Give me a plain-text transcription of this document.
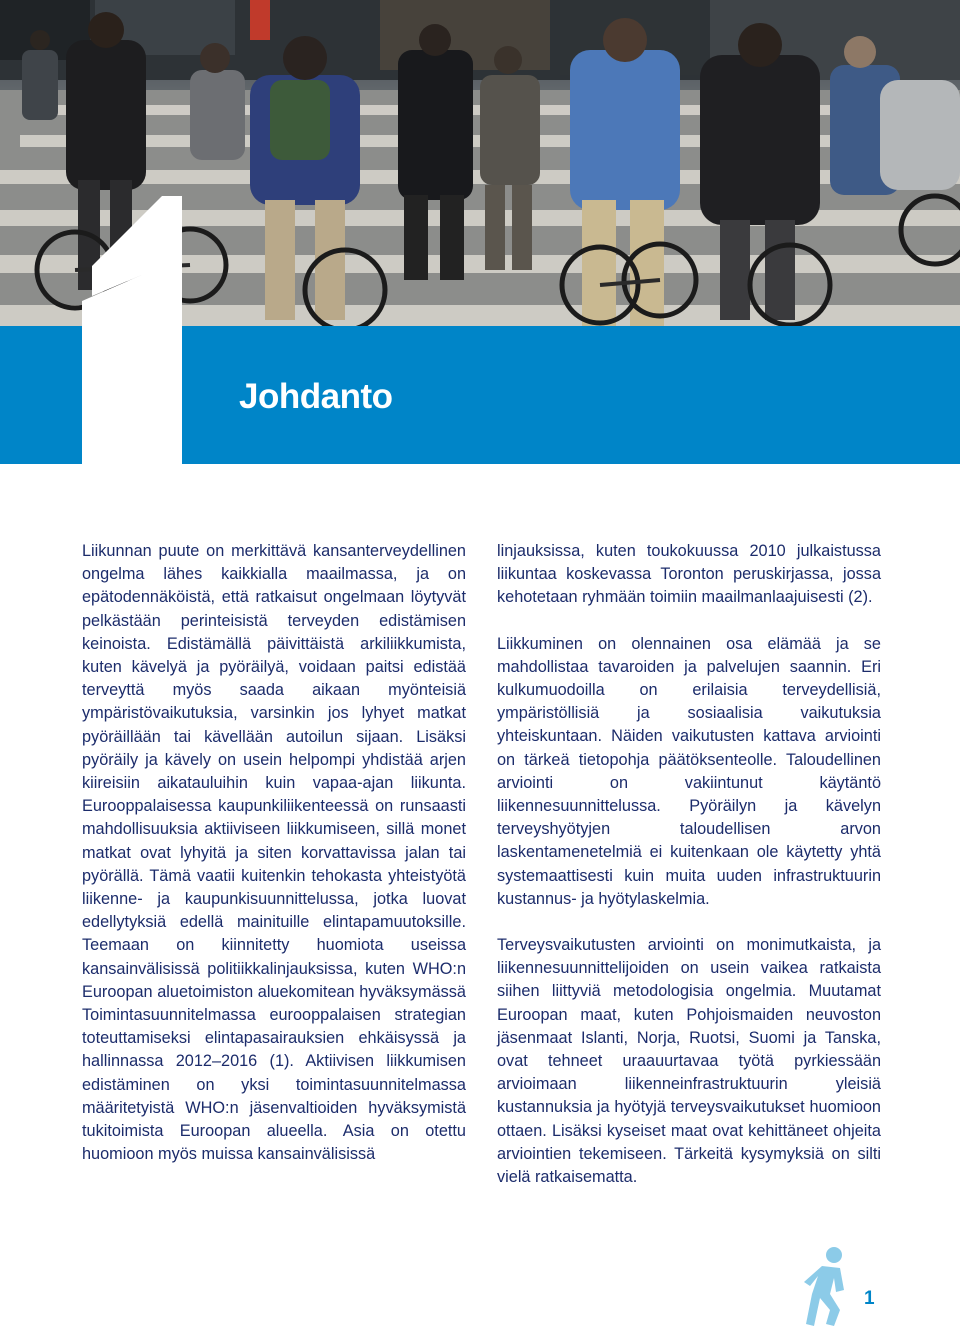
Johdanto

Liikunnan puute on merkittävä kansanterveydellinen ongelma lähes kaikkialla maailmassa, ja on epätodennäköistä, että ratkaisut ongelmaan löytyvät pelkästään perinteisistä terveyden edistämisen keinoista. Edistämällä päivittäistä arkiliikkumista, kuten kävelyä ja pyöräilyä, voidaan paitsi edistää terveyttä myös saada aikaan myönteisiä ympäristövaikutuksia, varsinkin jos lyhyet matkat pyöräillään tai kävellään autoilun sijaan. Lisäksi pyöräily ja kävely on usein helpompi yhdistää arjen kiireisiin aikatauluihin kuin vapaa-ajan liikunta. Eurooppalaisessa kaupunkiliikenteessä on runsaasti mahdollisuuksia aktiiviseen liikkumiseen, sillä monet matkat ovat lyhyitä ja siten korvattavissa jalan tai pyörällä. Tämä vaatii kuitenkin tehokasta yhteistyötä liikenne- ja kaupunkisuunnittelussa, jotka luovat edellytyksiä edellä mainituille elintapamuutoksille. Teemaan on kiinnitetty huomiota useissa kansainvälisissä politiikkalinjauksissa, kuten WHO:n Euroopan aluetoimiston aluekomitean hyväksymässä Toimintasuunnitelmassa eurooppalaisen strategian toteuttamiseksi elintapasairauksien ehkäisyssä ja hallinnassa 2012–2016 (1). Aktiivisen liikkumisen edistäminen on yksi toimintasuunnitelmassa määritetyistä WHO:n jäsenvaltioiden hyväksymistä tukitoimista Euroopan alueella. Asia on otettu huomioon myös muissa kansainvälisissä

linjauksissa, kuten toukokuussa 2010 julkaistussa liikuntaa koskevassa Toronton peruskirjassa, jossa kehotetaan ryhmään toimiin maailmanlaajuisesti (2).

Liikkuminen on olennainen osa elämää ja se mahdollistaa tavaroiden ja palvelujen saannin. Eri kulkumuodoilla on erilaisia terveydellisiä, ympäristöllisiä ja sosiaalisia vaikutuksia yhteiskuntaan. Näiden vaikutusten kattava arviointi on tärkeä tietopohja päätöksenteolle. Taloudellinen arviointi on vakiintunut käytäntö liikennesuunnittelussa. Pyöräilyn ja kävelyn terveyshyötyjen taloudellisen arvon laskentamenetelmiä ei kuitenkaan ole käytetty yhtä systemaattisesti kuin muita uuden infrastruktuurin kustannus- ja hyötylaskelmia.

Terveysvaikutusten arviointi on monimutkaista, ja liikennesuunnittelijoiden on usein vaikea ratkaista siihen liittyviä metodologisia ongelmia. Muutamat Euroopan maat, kuten Pohjoismaiden neuvoston jäsenmaat Islanti, Norja, Ruotsi, Suomi ja Tanska, ovat tehneet uraauurtavaa työtä pyrkiessään arvioimaan liikenneinfrastruktuurin yleisiä kustannuksia ja hyötyjä terveysvaikutukset huomioon ottaen. Lisäksi kyseiset maat ovat kehittäneet ohjeita arviointien tekemiseen. Tärkeitä kysymyksiä on silti vielä ratkaisematta.

1
